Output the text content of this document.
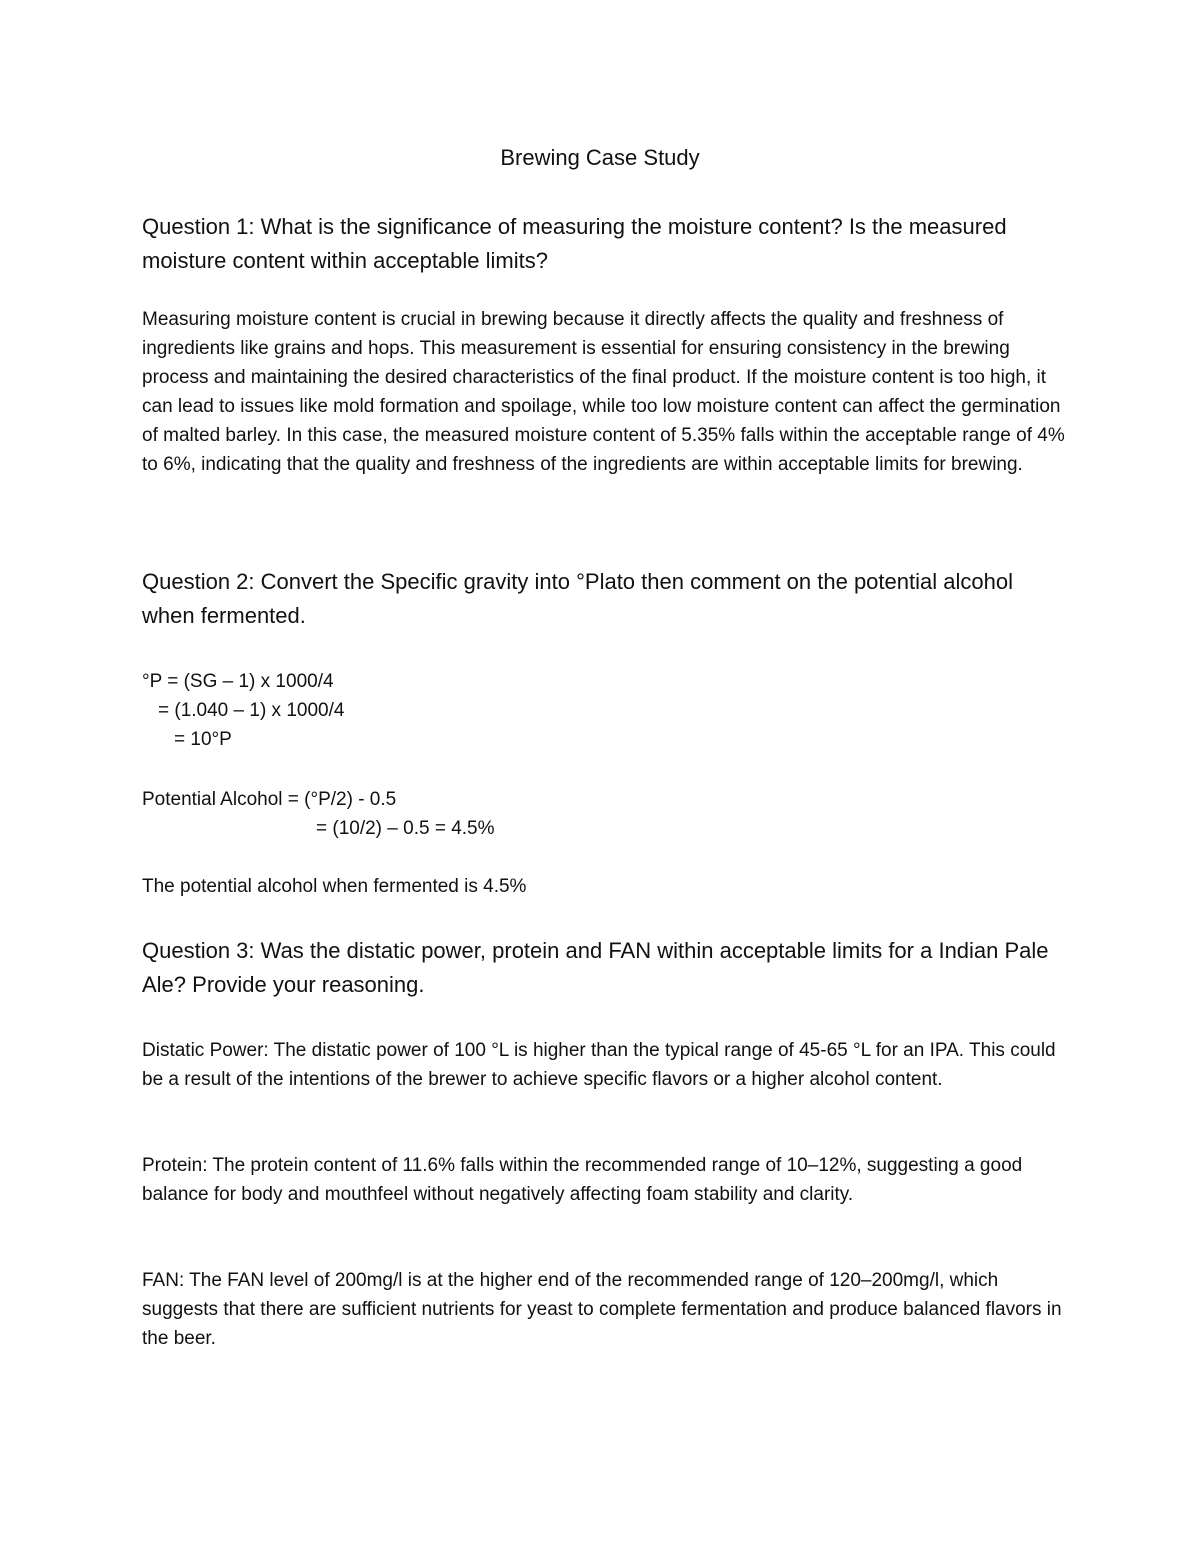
Brewing Case Study
Question 1: What is the significance of measuring the moisture content? Is the measured moisture content within acceptable limits?
Measuring moisture content is crucial in brewing because it directly affects the quality and freshness of ingredients like grains and hops. This measurement is essential for ensuring consistency in the brewing process and maintaining the desired characteristics of the final product. If the moisture content is too high, it can lead to issues like mold formation and spoilage, while too low moisture content can affect the germination of malted barley. In this case, the measured moisture content of 5.35% falls within the acceptable range of 4% to 6%, indicating that the quality and freshness of the ingredients are within acceptable limits for brewing.
Question 2: Convert the Specific gravity into °Plato then comment on the potential alcohol when fermented.
°P = (SG – 1) x 1000/4
= (1.040 – 1) x 1000/4
= 10°P
Potential Alcohol = (°P/2) - 0.5
= (10/2) – 0.5 = 4.5%
The potential alcohol when fermented is 4.5%
Question 3: Was the distatic power, protein and FAN within acceptable limits for a Indian Pale Ale? Provide your reasoning.
Distatic Power: The distatic power of 100 °L is higher than the typical range of 45-65 °L for an IPA. This could be a result of the intentions of the brewer to achieve specific flavors or a higher alcohol content.
Protein: The protein content of 11.6% falls within the recommended range of 10–12%, suggesting a good balance for body and mouthfeel without negatively affecting foam stability and clarity.
FAN: The FAN level of 200mg/l is at the higher end of the recommended range of 120–200mg/l, which suggests that there are sufficient nutrients for yeast to complete fermentation and produce balanced flavors in the beer.
